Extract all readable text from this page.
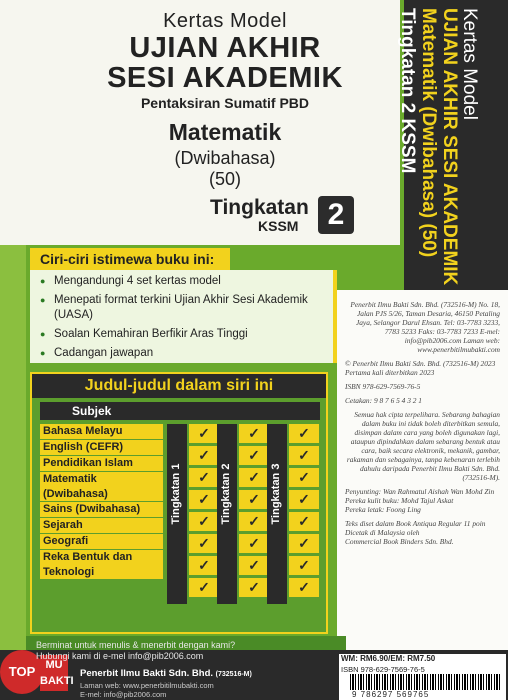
Kertas Model
UJIAN AKHIR
SESI AKADEMIK
Pentaksiran Sumatif PBD
Matematik
(Dwibahasa)
(50)
Tingkatan
KSSM 2
Kertas Model
UJIAN AKHIR SESI AKADEMIK
Matematik (Dwibahasa) (50)
Tingkatan 2 KSSM
Ciri-ciri istimewa buku ini:
● Mengandungi 4 set kertas model
● Menepati format terkini Ujian Akhir Sesi Akademik (UASA)
● Soalan Kemahiran Berfikir Aras Tinggi
● Cadangan jawapan

Penerbit Ilmu Bakti Sdn. Bhd. (732516-M) No. 18, Jalan PJS 5/26, Taman Desaria, 46150 Petaling Jaya, Selangor Darul Ehsan. Tel: 03-7783 3233, 7783 5233 Faks: 03-7783 7233 E-mel: info@pib2006.com Laman web: www.penerbitilmubakti.com

© Penerbit Ilmu Bakti Sdn. Bhd. (732516-M) 2023 Pertama kali diterbitkan 2023

ISBN 978-629-7569-76-5

Cetakan: 9 8 7 6 5 4 3 2 1

Semua hak cipta terpelihara. Sebarang bahagian dalam buku ini tidak boleh diterbitkan semula, disimpan dalam cara yang boleh digunakan lagi, ataupun dipindahkan dalam sebarang bentuk atau cara, baik secara elektronik, mekanik, gambar, rakaman dan sebagainya, tanpa kebenaran terlebih dahulu daripada Penerbit Ilmu Bakti Sdn. Bhd. (732516-M).

Penyunting: Wan Rahmatul Aishah Wan Mohd Zin
Pereka kulit buku: Mohd Tajul Askat
Pereka letak: Foong Ling

Teks diset dalam Book Antiqua Regular 11 poin
Dicetak di Malaysia oleh
Commercial Book Binders Sdn. Bhd.

Judul-judul dalam siri ini
Subjek
Bahasa Melayu
English (CEFR)
Pendidikan Islam
Matematik (Dwibahasa)
Sains (Dwibahasa)
Sejarah
Geografi
Reka Bentuk dan Teknologi
Tingkatan 1
✓
✓
✓
✓
✓
✓
✓
✓
Tingkatan 2
✓
✓
✓
✓
✓
✓
✓
✓
Tingkatan 3
✓
✓
✓
✓
✓
✓
✓
✓
Berminat untuk menulis & menerbit dengan kami?
Hubungi kami di e-mel info@pib2006.com
TOP MU BAKTI
Penerbit Ilmu Bakti Sdn. Bhd. (732516-M)
Laman web: www.penerbitilmubakti.com
E-mel: info@pib2006.com
WM: RM6.90/EM: RM7.50
ISBN 978-629-7569-76-5
9 786297 569765
